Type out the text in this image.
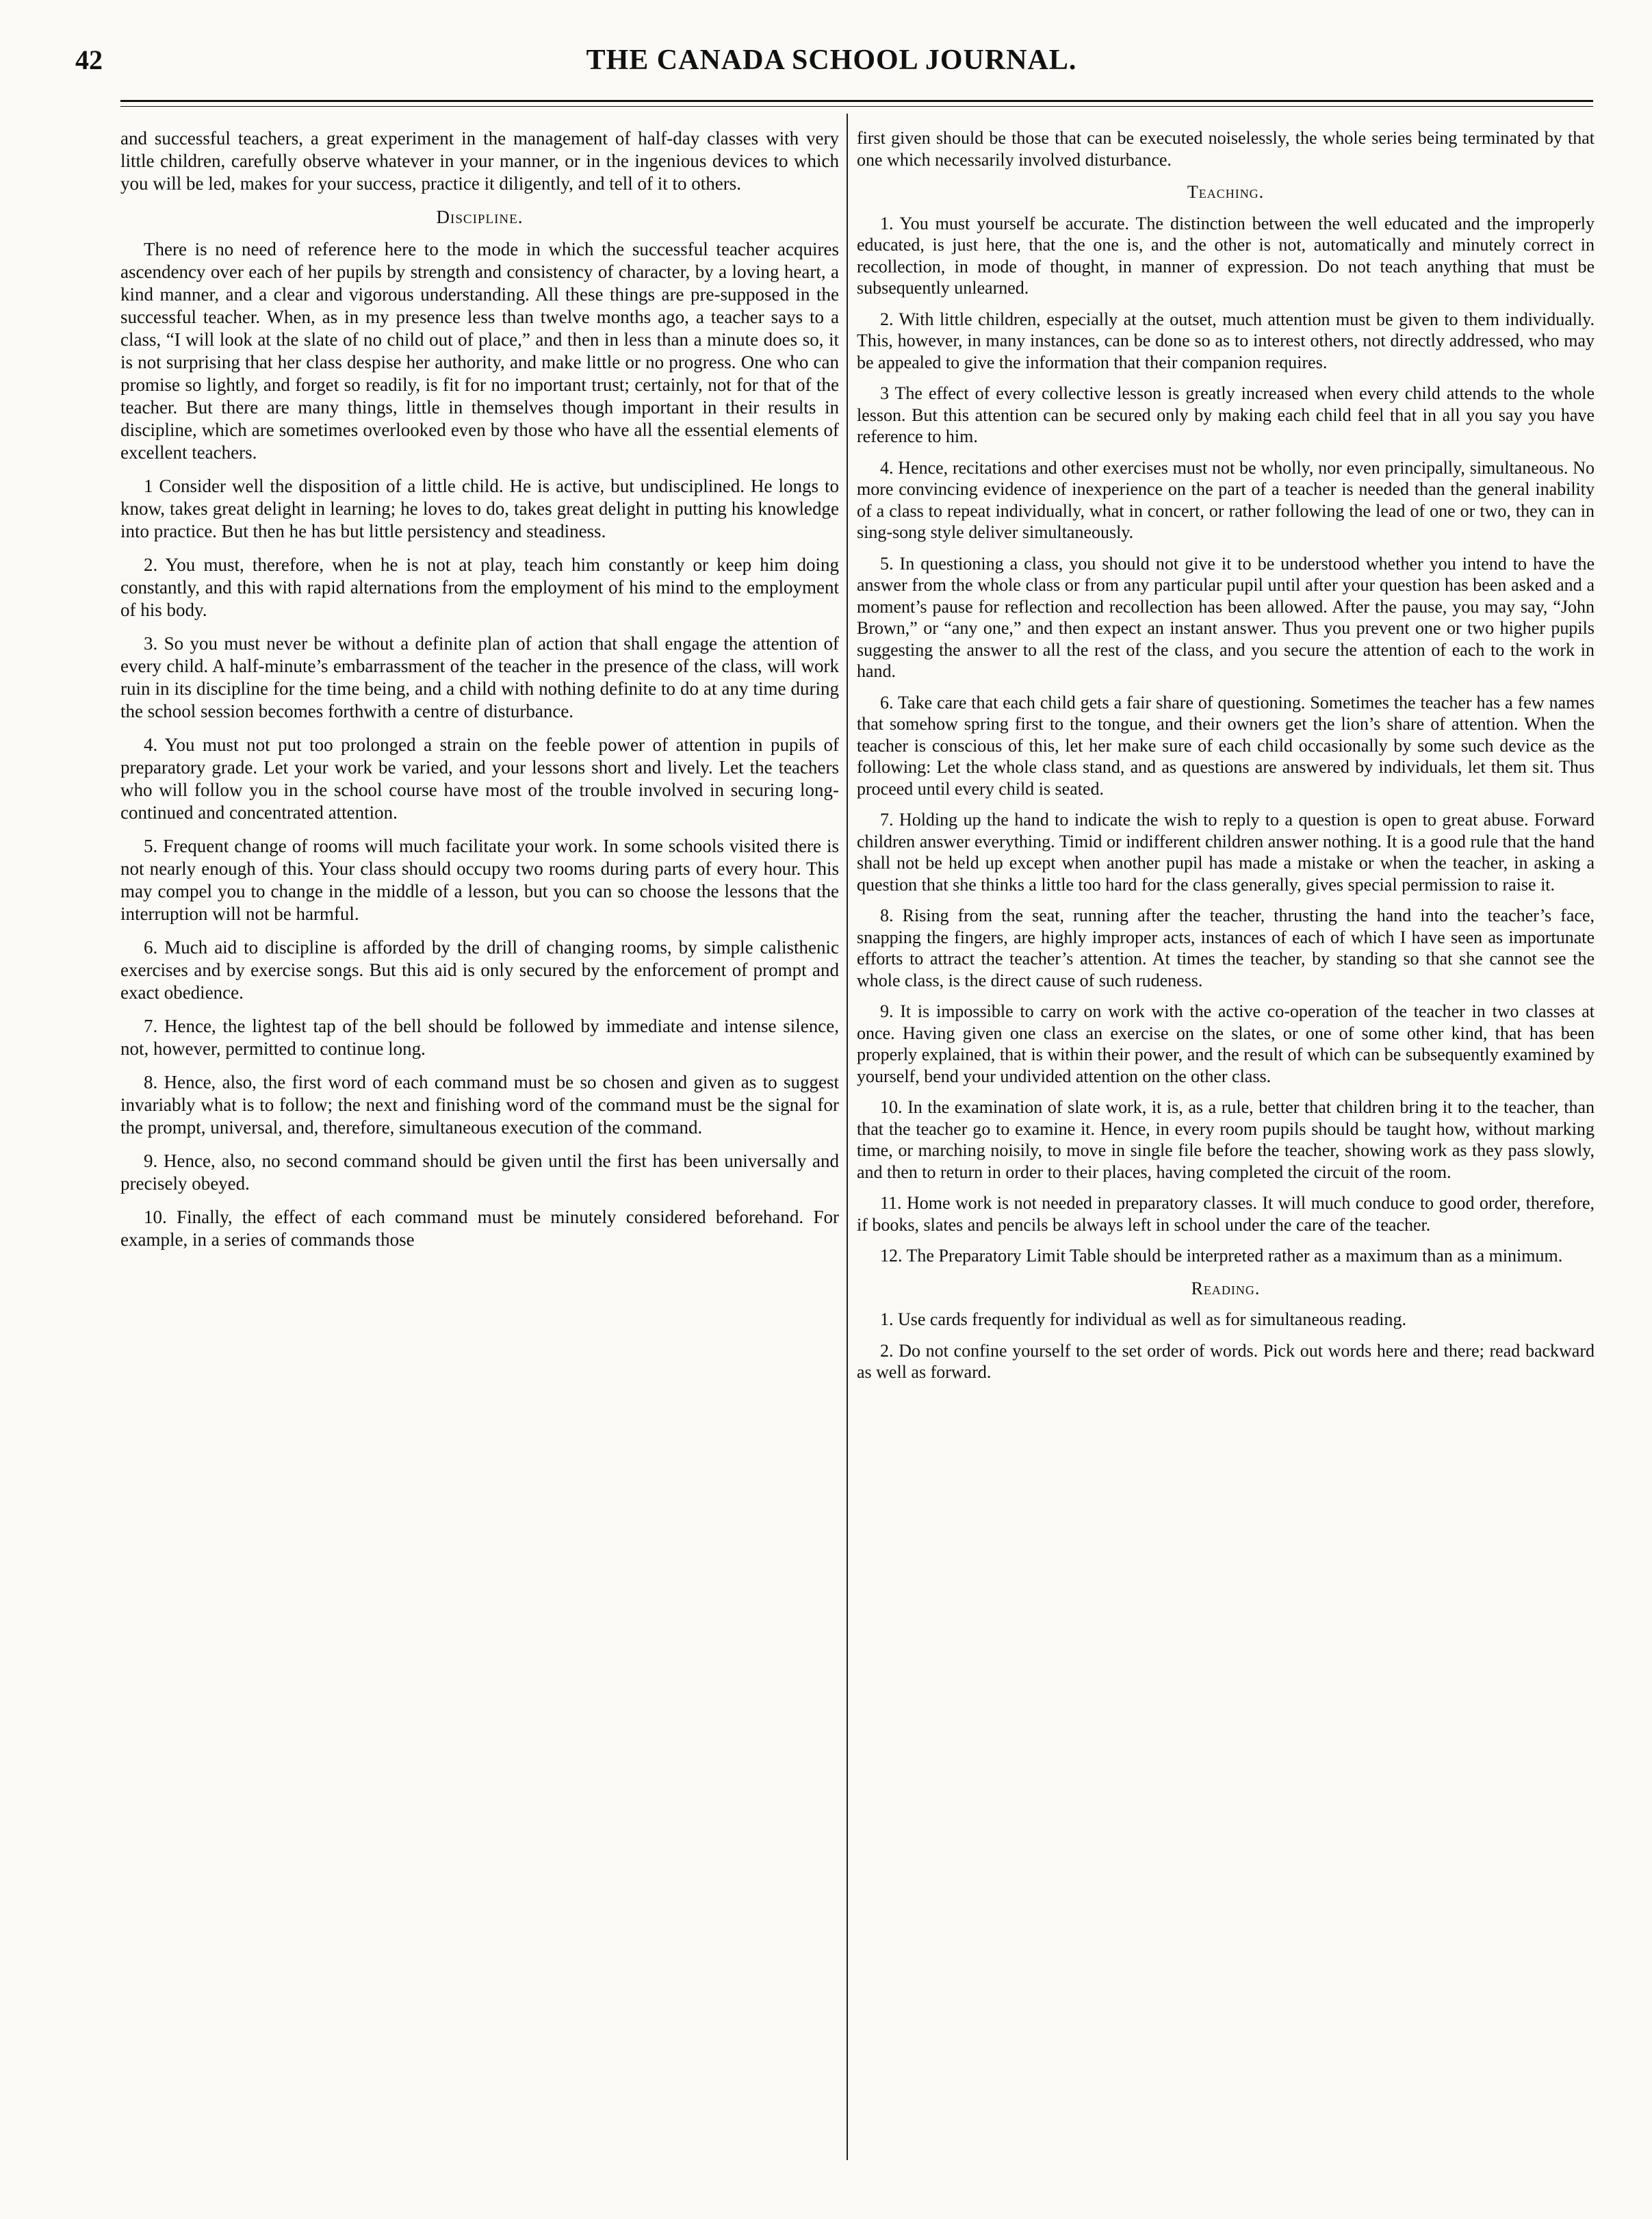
42	THE CANADA SCHOOL JOURNAL.

and successful teachers, a great experiment in the management of half-day classes with very little children, carefully observe whatever in your manner, or in the ingenious devices to which you will be led, makes for your success, practice it diligently, and tell of it to others.

Discipline.

There is no need of reference here to the mode in which the successful teacher acquires ascendency over each of her pupils by strength and consistency of character, by a loving heart, a kind manner, and a clear and vigorous understanding. All these things are pre-supposed in the successful teacher. When, as in my presence less than twelve months ago, a teacher says to a class, “I will look at the slate of no child out of place,” and then in less than a minute does so, it is not surprising that her class despise her authority, and make little or no progress. One who can promise so lightly, and forget so readily, is fit for no important trust; certainly, not for that of the teacher. But there are many things, little in themselves though important in their results in discipline, which are sometimes overlooked even by those who have all the essential elements of excellent teachers.

1 Consider well the disposition of a little child. He is active, but undisciplined. He longs to know, takes great delight in learning; he loves to do, takes great delight in putting his knowledge into practice. But then he has but little persistency and steadiness.

2. You must, therefore, when he is not at play, teach him constantly or keep him doing constantly, and this with rapid alternations from the employment of his mind to the employment of his body.

3. So you must never be without a definite plan of action that shall engage the attention of every child. A half-minute’s embarrassment of the teacher in the presence of the class, will work ruin in its discipline for the time being, and a child with nothing definite to do at any time during the school session becomes forthwith a centre of disturbance.

4. You must not put too prolonged a strain on the feeble power of attention in pupils of preparatory grade. Let your work be varied, and your lessons short and lively. Let the teachers who will follow you in the school course have most of the trouble involved in securing long-continued and concentrated attention.

5. Frequent change of rooms will much facilitate your work. In some schools visited there is not nearly enough of this. Your class should occupy two rooms during parts of every hour. This may compel you to change in the middle of a lesson, but you can so choose the lessons that the interruption will not be harmful.

6. Much aid to discipline is afforded by the drill of changing rooms, by simple calisthenic exercises and by exercise songs. But this aid is only secured by the enforcement of prompt and exact obedience.

7. Hence, the lightest tap of the bell should be followed by immediate and intense silence, not, however, permitted to continue long.

8. Hence, also, the first word of each command must be so chosen and given as to suggest invariably what is to follow; the next and finishing word of the command must be the signal for the prompt, universal, and, therefore, simultaneous execution of the command.

9. Hence, also, no second command should be given until the first has been universally and precisely obeyed.

10. Finally, the effect of each command must be minutely considered beforehand. For example, in a series of commands those

first given should be those that can be executed noiselessly, the whole series being terminated by that one which necessarily involved disturbance.

Teaching.

1. You must yourself be accurate. The distinction between the well educated and the improperly educated, is just here, that the one is, and the other is not, automatically and minutely correct in recollection, in mode of thought, in manner of expression. Do not teach anything that must be subsequently unlearned.

2. With little children, especially at the outset, much attention must be given to them individually. This, however, in many instances, can be done so as to interest others, not directly addressed, who may be appealed to give the information that their companion requires.

3 The effect of every collective lesson is greatly increased when every child attends to the whole lesson. But this attention can be secured only by making each child feel that in all you say you have reference to him.

4. Hence, recitations and other exercises must not be wholly, nor even principally, simultaneous. No more convincing evidence of inexperience on the part of a teacher is needed than the general inability of a class to repeat individually, what in concert, or rather following the lead of one or two, they can in sing-song style deliver simultaneously.

5. In questioning a class, you should not give it to be understood whether you intend to have the answer from the whole class or from any particular pupil until after your question has been asked and a moment’s pause for reflection and recollection has been allowed. After the pause, you may say, “John Brown,” or “any one,” and then expect an instant answer. Thus you prevent one or two higher pupils suggesting the answer to all the rest of the class, and you secure the attention of each to the work in hand.

6. Take care that each child gets a fair share of questioning. Sometimes the teacher has a few names that somehow spring first to the tongue, and their owners get the lion’s share of attention. When the teacher is conscious of this, let her make sure of each child occasionally by some such device as the following: Let the whole class stand, and as questions are answered by individuals, let them sit. Thus proceed until every child is seated.

7. Holding up the hand to indicate the wish to reply to a question is open to great abuse. Forward children answer everything. Timid or indifferent children answer nothing. It is a good rule that the hand shall not be held up except when another pupil has made a mistake or when the teacher, in asking a question that she thinks a little too hard for the class generally, gives special permission to raise it.

8. Rising from the seat, running after the teacher, thrusting the hand into the teacher’s face, snapping the fingers, are highly improper acts, instances of each of which I have seen as importunate efforts to attract the teacher’s attention. At times the teacher, by standing so that she cannot see the whole class, is the direct cause of such rudeness.

9. It is impossible to carry on work with the active co-operation of the teacher in two classes at once. Having given one class an exercise on the slates, or one of some other kind, that has been properly explained, that is within their power, and the result of which can be subsequently examined by yourself, bend your undivided attention on the other class.

10. In the examination of slate work, it is, as a rule, better that children bring it to the teacher, than that the teacher go to examine it. Hence, in every room pupils should be taught how, without marking time, or marching noisily, to move in single file before the teacher, showing work as they pass slowly, and then to return in order to their places, having completed the circuit of the room.

11. Home work is not needed in preparatory classes. It will much conduce to good order, therefore, if books, slates and pencils be always left in school under the care of the teacher.

12. The Preparatory Limit Table should be interpreted rather as a maximum than as a minimum.

Reading.

1. Use cards frequently for individual as well as for simultaneous reading.

2. Do not confine yourself to the set order of words. Pick out words here and there; read backward as well as forward.
